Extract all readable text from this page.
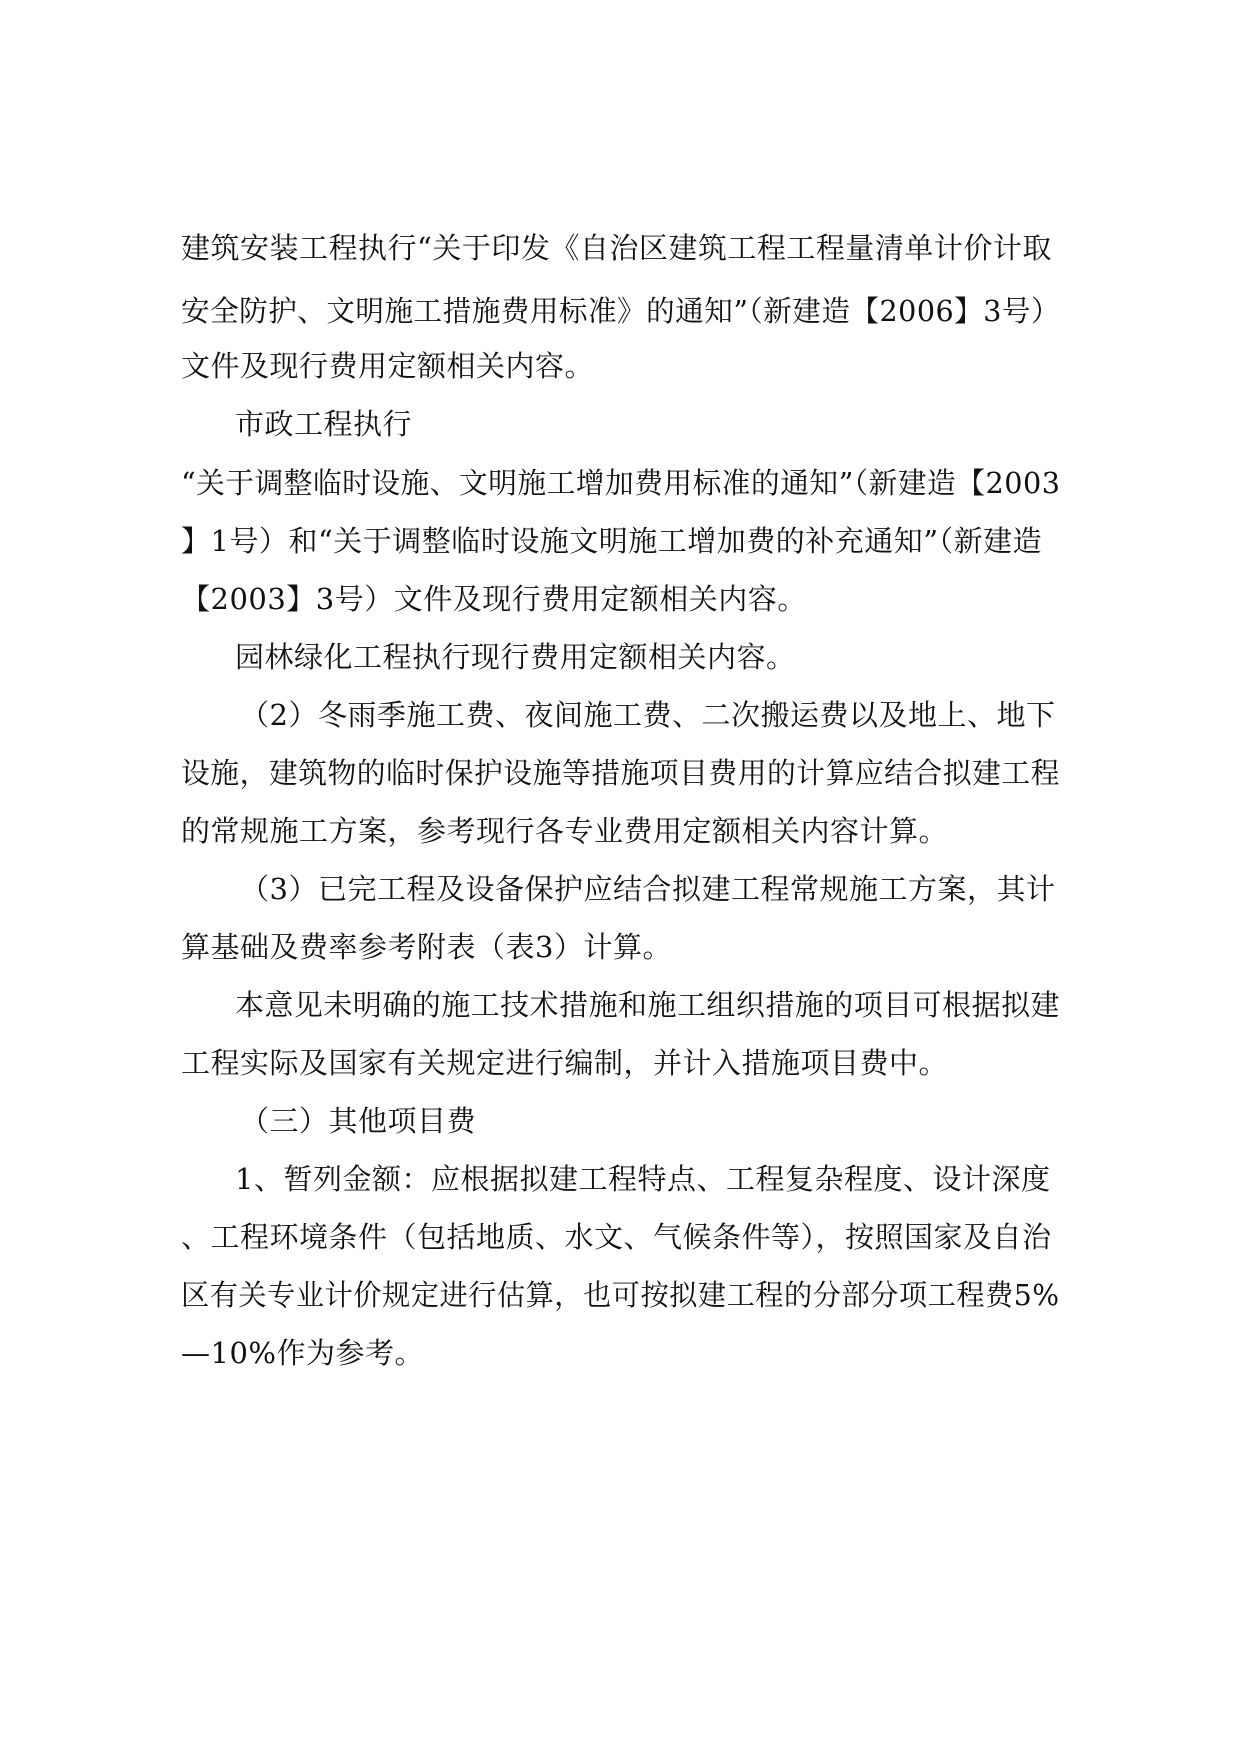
建筑安装工程执行“关于印发《自治区建筑工程工程量清单计价计取
安全防护、文明施工措施费用标准》的通知”（新建造【2006】3号）
文件及现行费用定额相关内容。
市政工程执行
“关于调整临时设施、文明施工增加费用标准的通知”（新建造【2003
】1号）和“关于调整临时设施文明施工增加费的补充通知”（新建造
【2003】3号）文件及现行费用定额相关内容。
园林绿化工程执行现行费用定额相关内容。
（2）冬雨季施工费、夜间施工费、二次搬运费以及地上、地下
设施，建筑物的临时保护设施等措施项目费用的计算应结合拟建工程
的常规施工方案，参考现行各专业费用定额相关内容计算。
（3）已完工程及设备保护应结合拟建工程常规施工方案，其计
算基础及费率参考附表（表3）计算。
本意见未明确的施工技术措施和施工组织措施的项目可根据拟建
工程实际及国家有关规定进行编制，并计入措施项目费中。
（三）其他项目费
1、暂列金额：应根据拟建工程特点、工程复杂程度、设计深度
、工程环境条件（包括地质、水文、气候条件等），按照国家及自治
区有关专业计价规定进行估算，也可按拟建工程的分部分项工程费5%
—10%作为参考。
